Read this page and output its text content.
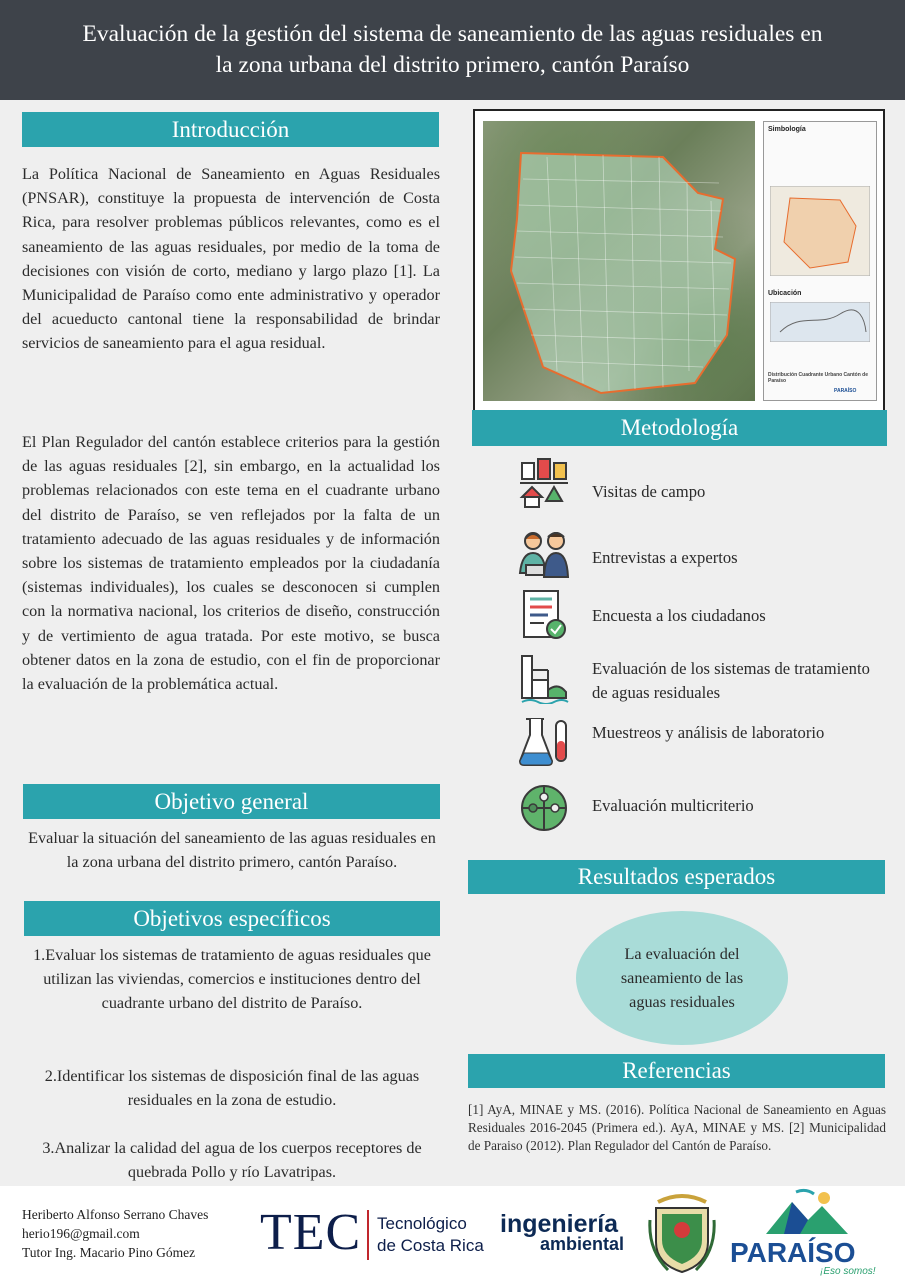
Evaluación de la gestión del sistema de saneamiento de las aguas residuales en
la zona urbana del distrito primero, cantón Paraíso
Introducción
La Política Nacional de Saneamiento en Aguas Residuales (PNSAR), constituye la propuesta de intervención de Costa Rica, para resolver problemas públicos relevantes, como es el saneamiento de las aguas residuales, por medio de la toma de decisiones con visión de corto, mediano y largo plazo [1]. La Municipalidad de Paraíso como ente administrativo y operador del acueducto cantonal tiene la responsabilidad de brindar servicios de saneamiento para el agua residual.
El Plan Regulador del cantón establece criterios para la gestión de las aguas residuales [2], sin embargo, en la actualidad los problemas relacionados con este tema en el cuadrante urbano del distrito de Paraíso, se ven reflejados por la falta de un tratamiento adecuado de las aguas residuales y de información sobre los sistemas de tratamiento empleados por la ciudadanía (sistemas individuales), los cuales se desconocen si cumplen con la normativa nacional, los criterios de diseño, construcción y de vertimiento de agua tratada. Por este motivo, se busca obtener datos en la zona de estudio, con el fin de proporcionar la evaluación de la problemática actual.
Objetivo general
Evaluar la situación del saneamiento de las aguas residuales en la zona urbana del distrito primero, cantón Paraíso.
Objetivos específicos
1.Evaluar los sistemas de tratamiento de aguas residuales que utilizan las viviendas, comercios e instituciones dentro del cuadrante urbano del distrito de Paraíso.
2.Identificar los sistemas de disposición final de las aguas residuales en la zona de estudio.
3.Analizar la calidad del agua de los cuerpos receptores de quebrada Pollo y río Lavatripas.
Simbología
Ubicación
Distribución Cuadrante Urbano Cantón de Paraíso
PARAÍSO
Metodología
Visitas de campo
Entrevistas a expertos
Encuesta a los ciudadanos
Evaluación de los sistemas de tratamiento de aguas residuales
Muestreos y análisis de laboratorio
Evaluación multicriterio
Resultados esperados
La evaluación del saneamiento de las aguas residuales
Referencias
[1] AyA, MINAE y MS. (2016). Política Nacional de Saneamiento en Aguas Residuales 2016-2045 (Primera ed.). AyA, MINAE y MS. [2] Municipalidad de Paraiso (2012). Plan Regulador del Cantón de Paraíso.
Heriberto Alfonso Serrano Chaves
herio196@gmail.com
Tutor Ing. Macario Pino Gómez TEC Tecnológico
de Costa Rica
ingeniería
ambiental	PARAÍSO
¡Eso somos!
